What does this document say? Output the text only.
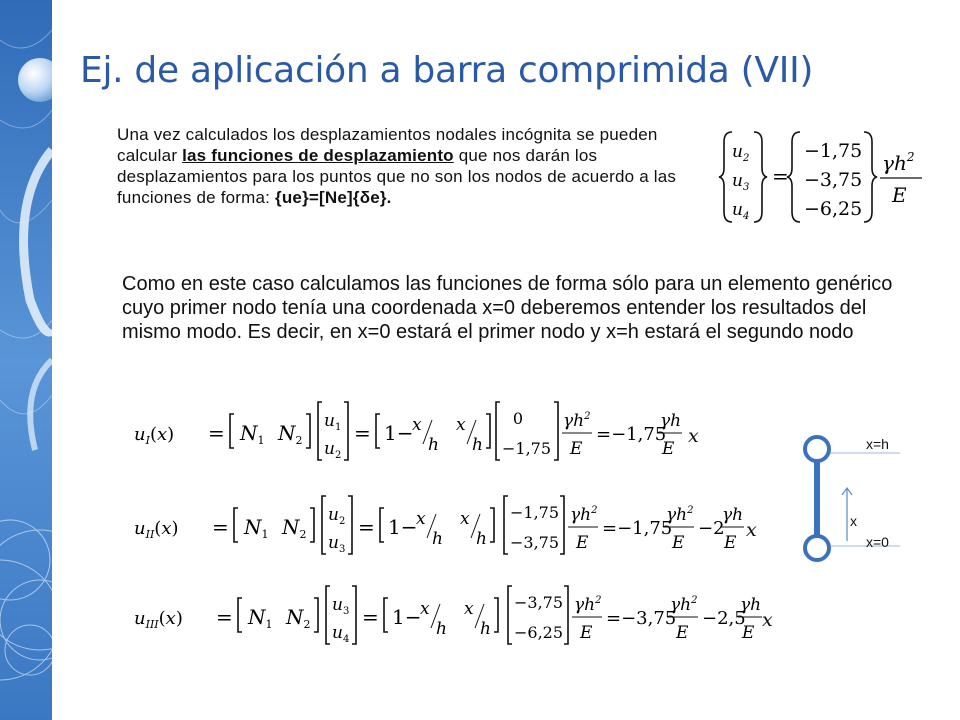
Ej. de aplicación a barra comprimida (VII)
Una vez calculados los desplazamientos nodales incógnita se pueden calcular las funciones de desplazamiento que nos darán los desplazamientos para los puntos que no son los nodos de acuerdo a las funciones de forma: {ue}=[Ne]{δe}.
$u_2$
$u_3$
$u_4$
=
−1,75
−3,75
−6,25
$\gamma h^2$
E
Como en este caso calculamos las funciones de forma sólo para un elemento genérico cuyo primer nodo tenía una coordenada x=0 deberemos entender los resultados del mismo modo. Es decir, en x=0 estará el primer nodo y x=h estará el segundo nodo
$u_I(x) = N_1$ $N_2$
$u_1$
$u_2$
= 1−
x
h
x
h
0
−1,75
$\gamma h^2$
E
=−1,75
γh
E
x
$u_{II}(x) = N_1$ $N_2$
$u_2$
$u_3$
= 1−
x
h
x
h
−1,75
−3,75
$\gamma h^2$
E
=−1,75
$\gamma h^2$
E
−2
γh
E
x
$u_{III}(x) = N_1$ $N_2$
$u_3$
$u_4$
= 1−
x
h
x
h
−3,75
−6,25
$\gamma h^2$
E
=−3,75
$\gamma h^2$
E
−2,5
γh
E
x
x=h
x
x=0
